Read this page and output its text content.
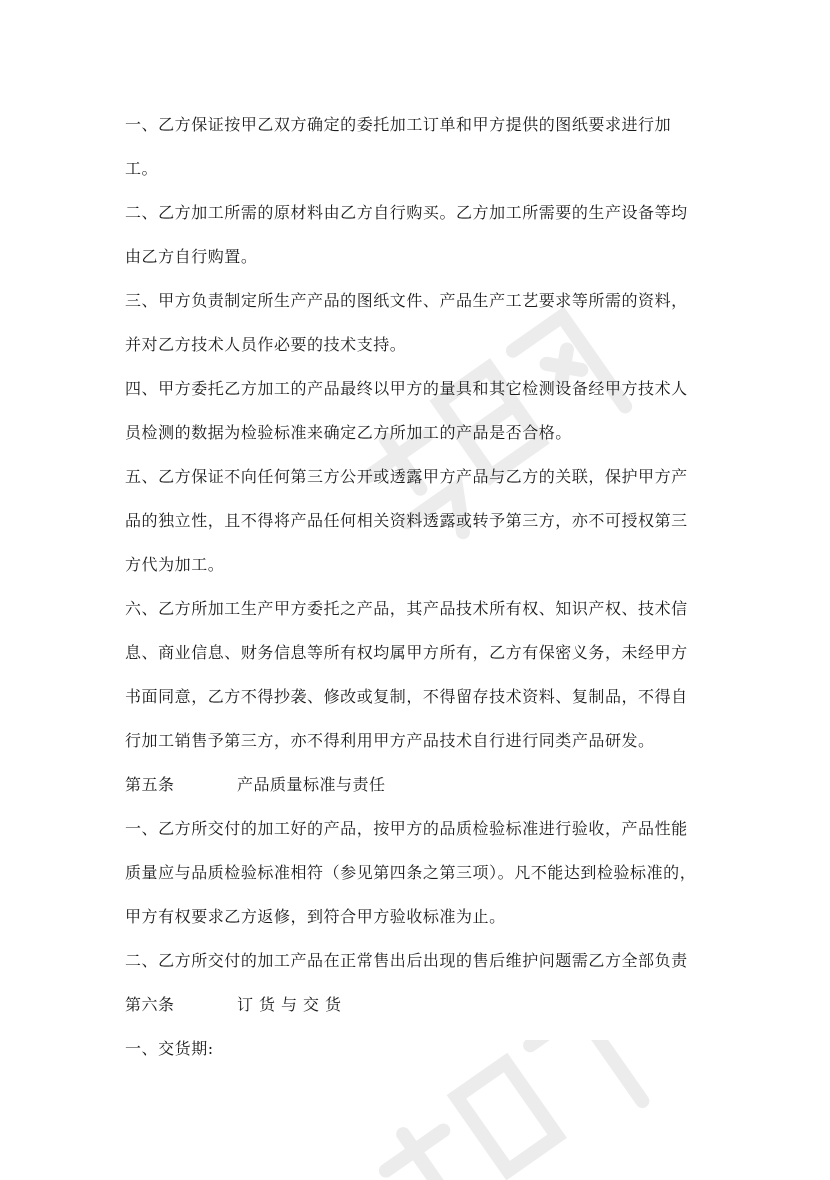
一、乙方保证按甲乙双方确定的委托加工订单和甲方提供的图纸要求进行加
工。
二、乙方加工所需的原材料由乙方自行购买。乙方加工所需要的生产设备等均
由乙方自行购置。
三、甲方负责制定所生产产品的图纸文件、产品生产工艺要求等所需的资料，
并对乙方技术人员作必要的技术支持。
四、甲方委托乙方加工的产品最终以甲方的量具和其它检测设备经甲方技术人
员检测的数据为检验标准来确定乙方所加工的产品是否合格。
五、乙方保证不向任何第三方公开或透露甲方产品与乙方的关联，保护甲方产
品的独立性，且不得将产品任何相关资料透露或转予第三方，亦不可授权第三
方代为加工。
六、乙方所加工生产甲方委托之产品，其产品技术所有权、知识产权、技术信
息、商业信息、财务信息等所有权均属甲方所有，乙方有保密义务，未经甲方
书面同意，乙方不得抄袭、修改或复制，不得留存技术资料、复制品，不得自
行加工销售予第三方，亦不得利用甲方产品技术自行进行同类产品研发。
第五条	产品质量标准与责任
一、乙方所交付的加工好的产品，按甲方的品质检验标准进行验收，产品性能
质量应与品质检验标准相符（参见第四条之第三项）。凡不能达到检验标准的，
甲方有权要求乙方返修，到符合甲方验收标准为止。
二、乙方所交付的加工产品在正常售出后出现的售后维护问题需乙方全部负责
第六条	订货与交货
一、交货期:
